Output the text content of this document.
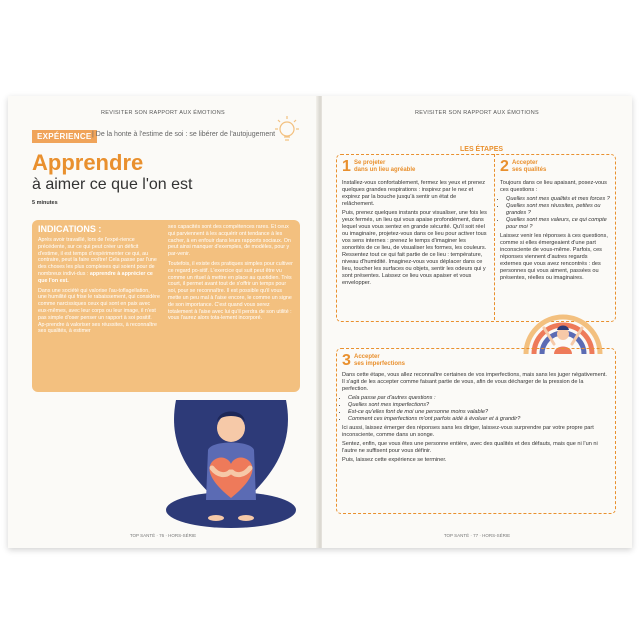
REVISITER SON RAPPORT AUX ÉMOTIONS
EXPÉRIENCE | De la honte à l'estime de soi : se libérer de l'autojugement
Apprendre
à aimer ce que l'on est
5 minutes
INDICATIONS :

Après avoir travaillé, lors de l'expé-rience précédente, sur ce qui peut créer un déficit d'estime, il est temps d'expérimenter ce qui, au contraire, peut la faire croître! Cela passe par l'une des choses les plus complexes qui soient pour de nombreux indivi-dus : apprendre à apprécier ce que l'on est.

Dans une société qui valorise l'au-toflagellation, une humilité qui frise le rabaissement, qui considère comme narcissiques ceux qui sont en paix avec eux-mêmes, avec leur corps ou leur image, il n'est pas simple d'oser penser un rapport à soi positif. Ap-prendre à valoriser ses réussites, à reconnaître ses qualités, à estimer

ses capacités sont des compétences rares. Et ceux qui parviennent à les acquérir ont tendance à les cacher, à en enfouir dans leurs rapports sociaux. On peut ainsi manquer d'exemples, de modèles, pour y par-venir.

Toutefois, il existe des pratiques simples pour cultiver ce regard po-sitif. L'exercice qui suit peut être vu comme un rituel à mettre en place au quotidien. Très court, il permet avant tout de s'offrir un temps pour soi, pour se reconnaître. Il est possible qu'il vous mette un peu mal à l'aise encore, le comme un signe de son importance. C'est quand vous serez totalement à l'aise avec lui qu'il perdra de son utilité : vous l'aurez alors tota-lement incorporé.

TOP SANTÉ · 76 · HORS-SÉRIE
REVISITER SON RAPPORT AUX ÉMOTIONS
LES ÉTAPES
1 Se projeter
dans un lieu agréable

Installez-vous confortablement, fermez les yeux et prenez quelques grandes respirations : inspirez par le nez et expirez par la bouche jusqu'à sentir un état de relâchement.

Puis, prenez quelques instants pour visualiser, une fois les yeux fermés, un lieu qui vous apaise profondément, dans lequel vous vous sentez en grande sécurité. Qu'il soit réel ou imaginaire, projetez-vous dans ce lieu pour activer tous vos sens internes : prenez le temps d'imaginer les sonorités de ce lieu, de visualiser les formes, les couleurs. Ressentez tout ce qui fait partie de ce lieu : température, niveau d'humidité. Imaginez-vous vous déplacer dans ce lieu, toucher les surfaces ou objets, sentir les odeurs qui y sont présentes. Laissez ce lieu vous apaiser et vous envelopper.

2 Accepter
ses qualités

Toujours dans ce lieu apaisant, posez-vous ces questions :

• Quelles sont mes qualités et mes forces ?
• Quelles sont mes réussites, petites ou grandes ?
• Quelles sont mes valeurs, ce qui compte pour moi ?

Laissez venir les réponses à ces questions, comme si elles émergeaient d'une part inconsciente de vous-même. Parfois, ces réponses viennent d'autres regards externes que vous avez rencontrés : des personnes qui vous aiment, passées ou présentes, réelles ou imaginaires.

3 Accepter
ses imperfections

Dans cette étape, vous allez reconnaître certaines de vos imperfections, mais sans les juger négativement. Il s'agit de les accepter comme faisant partie de vous, afin de vous décharger de la pression de la perfection.

• Cela passe par d'autres questions :
• Quelles sont mes imperfections?
• Est-ce qu'elles font de moi une personne moins valable?
• Comment ces imperfections m'ont parfois aidé à évoluer et à grandir?

Ici aussi, laissez émerger des réponses sans les diriger, laissez-vous surprendre par votre propre part inconsciente, comme dans un songe.

Sentez, enfin, que vous êtes une personne entière, avec des qualités et des défauts, mais que ni l'un ni l'autre ne suffisent pour vous définir.

Puis, laissez cette expérience se terminer.

TOP SANTÉ · 77 · HORS-SÉRIE
